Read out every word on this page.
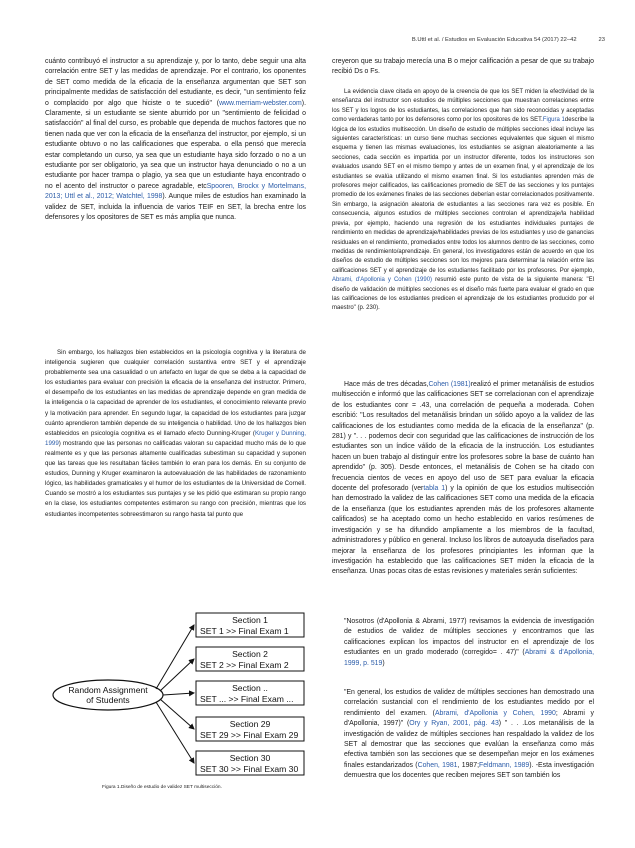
B.Uttl et al. / Estudios en Evaluación Educativa 54 (2017) 22–42	23

cuánto contribuyó el instructor a su aprendizaje y, por lo tanto, debe seguir una alta correlación entre SET y las medidas de aprendizaje. Por el contrario, los oponentes de SET como medida de la eficacia de la enseñanza argumentan que SET son principalmente medidas de satisfacción del estudiante, es decir, "un sentimiento feliz o complacido por algo que hiciste o te sucedió" (www.merriam-webster.com). Claramente, si un estudiante se siente aburrido por un "sentimiento de felicidad o satisfacción" al final del curso, es probable que dependa de muchos factores que no tienen nada que ver con la eficacia de la enseñanza del instructor, por ejemplo, si un estudiante obtuvo o no las calificaciones que esperaba. o ella pensó que merecía estar completando un curso, ya sea que un estudiante haya sido forzado o no a un estudiante por ser obligatorio, ya sea que un instructor haya denunciado o no a un estudiante por hacer trampa o plagio, ya sea que un estudiante haya encontrado o no el acento del instructor o parece agradable, etcSpooren, Brockx y Mortelmans, 2013; Uttl et al., 2012; Watchtel, 1998). Aunque miles de estudios han examinado la validez de SET, incluida la influencia de varios TEIF en SET, la brecha entre los defensores y los opositores de SET es más amplia que nunca.

Sin embargo, los hallazgos bien establecidos en la psicología cognitiva y la literatura de inteligencia sugieren que cualquier correlación sustantiva entre SET y el aprendizaje probablemente sea una casualidad o un artefacto en lugar de que se deba a la capacidad de los estudiantes para evaluar con precisión la eficacia de la enseñanza del instructor. Primero, el desempeño de los estudiantes en las medidas de aprendizaje depende en gran medida de la inteligencia o la capacidad de aprender de los estudiantes, el conocimiento relevante previo y la motivación para aprender. En segundo lugar, la capacidad de los estudiantes para juzgar cuánto aprendieron también depende de su inteligencia o habilidad. Uno de los hallazgos bien establecidos en psicología cognitiva es el llamado efecto Dunning-Kruger (Kruger y Dunning, 1999) mostrando que las personas no calificadas valoran su capacidad mucho más de lo que realmente es y que las personas altamente cualificadas subestiman su capacidad y suponen que las tareas que les resultaban fáciles también lo eran para los demás. En su conjunto de estudios, Dunning y Kruger examinaron la autoevaluación de las habilidades de razonamiento lógico, las habilidades gramaticales y el humor de los estudiantes de la Universidad de Cornell. Cuando se mostró a los estudiantes sus puntajes y se les pidió que estimaran su propio rango en la clase, los estudiantes competentes estimaron su rango con precisión, mientras que los estudiantes incompetentes sobreestimaron su rango hasta tal punto que

Random Assignment
of Students
Section 1
SET 1 >> Final Exam 1
Section 2
SET 2 >> Final Exam 2
Section ..
SET ... >> Final Exam ...
Section 29
SET 29 >> Final Exam 29
Section 30
SET 30 >> Final Exam 30
Figura 1.Diseño de estudio de validez SET multisección.

creyeron que su trabajo merecía una B o mejor calificación a pesar de que su trabajo recibió Ds o Fs.

La evidencia clave citada en apoyo de la creencia de que los SET miden la efectividad de la enseñanza del instructor son estudios de múltiples secciones que muestran correlaciones entre los SET y los logros de los estudiantes, las correlaciones que han sido reconocidas y aceptadas como verdaderas tanto por los defensores como por los opositores de los SET.Figura 1describe la lógica de los estudios multisección. Un diseño de estudio de múltiples secciones ideal incluye las siguientes características: un curso tiene muchas secciones equivalentes que siguen el mismo esquema y tienen las mismas evaluaciones, los estudiantes se asignan aleatoriamente a las secciones, cada sección es impartida por un instructor diferente, todos los instructores son evaluados usando SET en el mismo tiempo y antes de un examen final, y el aprendizaje de los estudiantes se evalúa utilizando el mismo examen final. Si los estudiantes aprenden más de profesores mejor calificados, las calificaciones promedio de SET de las secciones y los puntajes promedio de los exámenes finales de las secciones deberían estar correlacionados positivamente. Sin embargo, la asignación aleatoria de estudiantes a las secciones rara vez es posible. En consecuencia, algunos estudios de múltiples secciones controlan el aprendizaje/la habilidad previa, por ejemplo, haciendo una regresión de los estudiantes individuales puntajes de rendimiento en medidas de aprendizaje/habilidades previas de los estudiantes y uso de ganancias residuales en el rendimiento, promediados entre todos los alumnos dentro de las secciones, como medidas de rendimiento/aprendizaje. En general, los investigadores están de acuerdo en que los diseños de estudio de múltiples secciones son los mejores para determinar la relación entre las calificaciones SET y el aprendizaje de los estudiantes facilitado por los profesores. Por ejemplo, Abrami, d'Apollonia y Cohen (1990) resumió este punto de vista de la siguiente manera: "El diseño de validación de múltiples secciones es el diseño más fuerte para evaluar el grado en que las calificaciones de los estudiantes predicen el aprendizaje de los estudiantes producido por el maestro" (p. 230).

Hace más de tres décadas,Cohen (1981)realizó el primer metanálisis de estudios multisección e informó que las calificaciones SET se correlacionan con el aprendizaje de los estudiantes conr = .43, una correlación de pequeña a moderada. Cohen escribió: "Los resultados del metanálisis brindan un sólido apoyo a la validez de las calificaciones de los estudiantes como medida de la eficacia de la enseñanza" (p. 281) y ". . . podemos decir con seguridad que las calificaciones de instrucción de los estudiantes son un índice válido de la eficacia de la instrucción. Los estudiantes hacen un buen trabajo al distinguir entre los profesores sobre la base de cuánto han aprendido" (p. 305). Desde entonces, el metanálisis de Cohen se ha citado con frecuencia cientos de veces en apoyo del uso de SET para evaluar la eficacia docente del profesorado (vertabla 1) y la opinión de que los estudios multisección han demostrado la validez de las calificaciones SET como una medida de la eficacia de la enseñanza (que los estudiantes aprenden más de los profesores altamente calificados) se ha aceptado como un hecho establecido en varios resúmenes de investigación y se ha difundido ampliamente a los miembros de la facultad, administradores y público en general. Incluso los libros de autoayuda diseñados para mejorar la enseñanza de los profesores principiantes les informan que la investigación ha establecido que las calificaciones SET miden la eficacia de la enseñanza. Unas pocas citas de estas revisiones y materiales serán suficientes:

"Nosotros (d'Apollonia & Abrami, 1977) revisamos la evidencia de investigación de estudios de validez de múltiples secciones y encontramos que las calificaciones explican los impactos del instructor en el aprendizaje de los estudiantes en un grado moderado (corregido= . 47)" (Abrami & d'Apollonia, 1999, p. 519)

"En general, los estudios de validez de múltiples secciones han demostrado una correlación sustancial con el rendimiento de los estudiantes medido por el rendimiento del examen. (Abrami, d'Apollonia y Cohen, 1990; Abrami y d'Apollonia, 1997)" (Ory y Ryan, 2001, pág. 43) " . . .Los metanálisis de la investigación de validez de múltiples secciones han respaldado la validez de los SET al demostrar que las secciones que evalúan la enseñanza como más efectiva también son las secciones que se desempeñan mejor en los exámenes finales estandarizados (Cohen, 1981, 1987;Feldmann, 1989). -Esta investigación demuestra que los docentes que reciben mejores SET son también los
